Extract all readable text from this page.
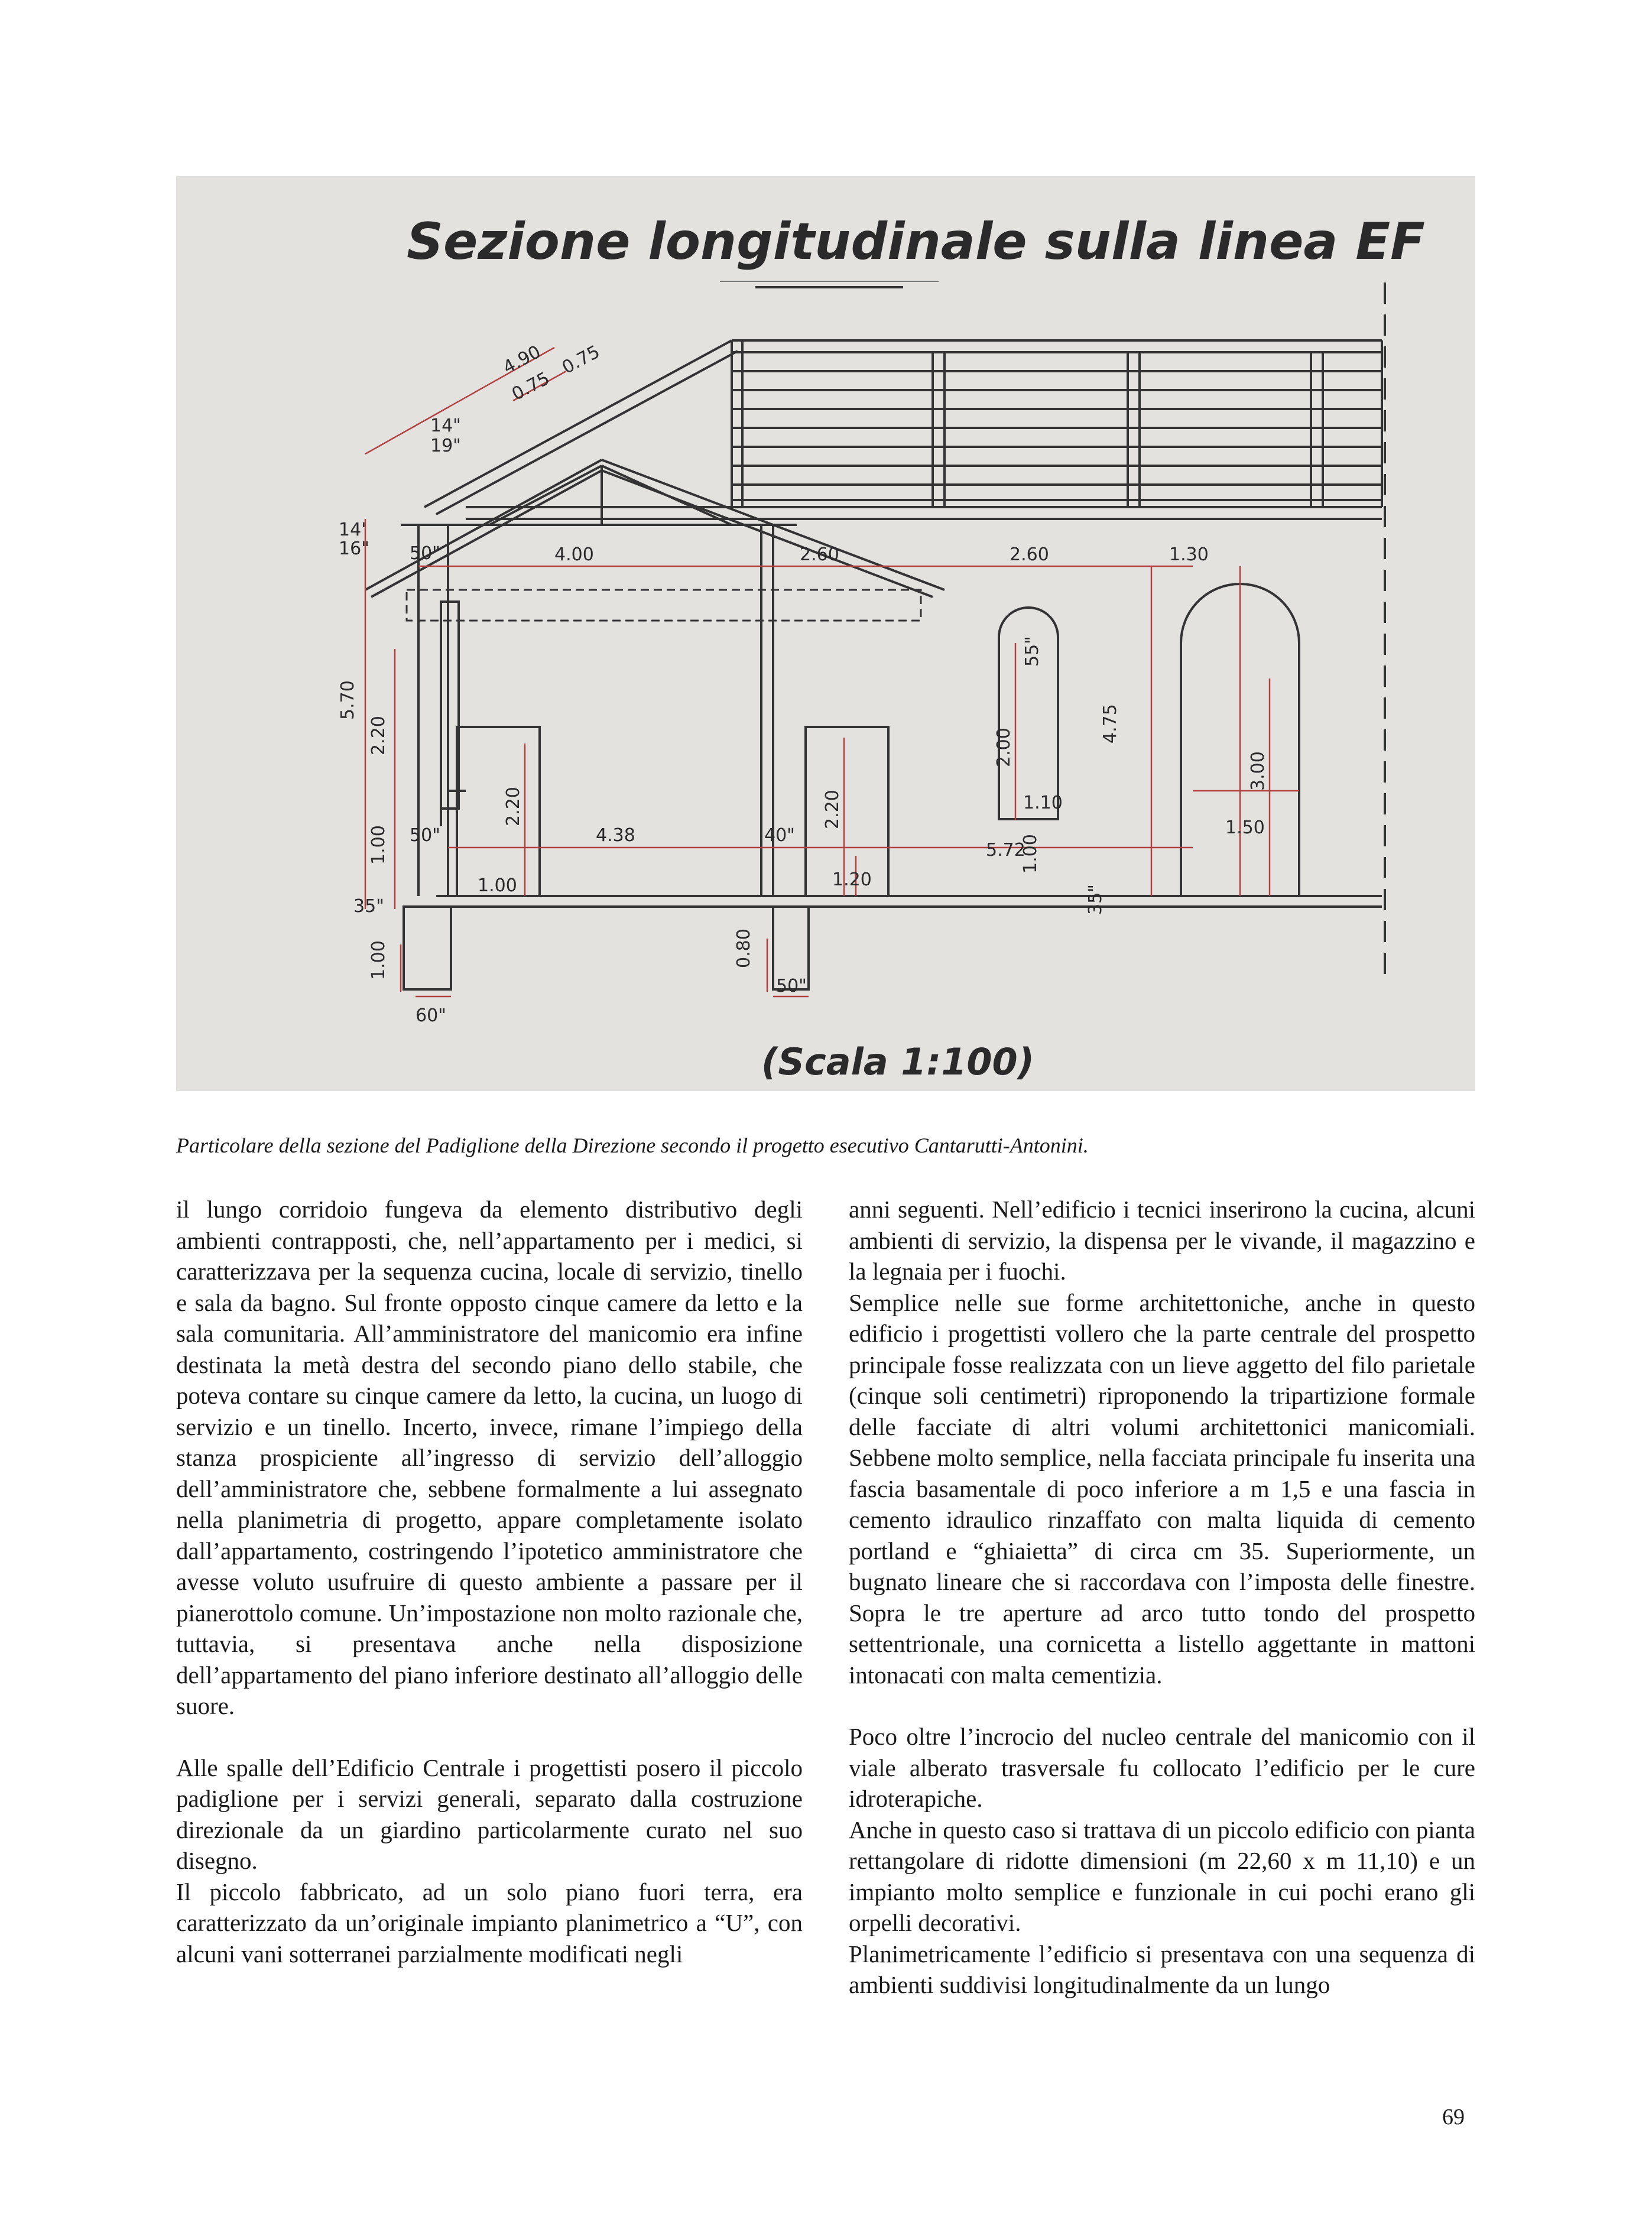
Sezione longitudinale sulla linea EF
4.90
0.75
0.75
14"
19"
14'
16" 50"	4.00	2.60	2.60	1.30
5.70
2.20
1.00
35"
1.00
60"
2.20
1.00
50"	4.38	40"
2.20
1.20
0.80
50"
5.72
1.00
2.00
55"
1.10
4.75
3.00
1.50
35"
(Scala 1:100)
Particolare della sezione del Padiglione della Direzione secondo il progetto esecutivo Cantarutti-Antonini.

il lungo corridoio fungeva da elemento distributivo degli ambienti contrapposti, che, nell’appartamento per i medici, si caratterizzava per la sequenza cucina, locale di servizio, tinello e sala da bagno. Sul fronte opposto cinque camere da letto e la sala comunitaria. All’amministratore del manicomio era infine destinata la metà destra del secondo piano dello stabile, che poteva contare su cinque camere da letto, la cucina, un luogo di servizio e un tinello. Incerto, invece, rimane l’impiego della stanza prospiciente all’ingresso di servizio dell’alloggio dell’amministratore che, sebbene formalmente a lui assegnato nella planimetria di progetto, appare completamente isolato dall’appartamento, costringendo l’ipotetico amministratore che avesse voluto usufruire di questo ambiente a passare per il pianerottolo comune. Un’impostazione non molto razionale che, tuttavia, si presentava anche nella disposizione dell’appartamento del piano inferiore destinato all’alloggio delle suore.

Alle spalle dell’Edificio Centrale i progettisti posero il piccolo padiglione per i servizi generali, separato dalla costruzione direzionale da un giardino particolarmente curato nel suo disegno.

Il piccolo fabbricato, ad un solo piano fuori terra, era caratterizzato da un’originale impianto planimetrico a “U”, con alcuni vani sotterranei parzialmente modificati negli

anni seguenti. Nell’edificio i tecnici inserirono la cucina, alcuni ambienti di servizio, la dispensa per le vivande, il magazzino e la legnaia per i fuochi.

Semplice nelle sue forme architettoniche, anche in questo edificio i progettisti vollero che la parte centrale del prospetto principale fosse realizzata con un lieve aggetto del filo parietale (cinque soli centimetri) riproponendo la tripartizione formale delle facciate di altri volumi architettonici manicomiali. Sebbene molto semplice, nella facciata principale fu inserita una fascia basamentale di poco inferiore a m 1,5 e una fascia in cemento idraulico rinzaffato con malta liquida di cemento portland e “ghiaietta” di circa cm 35. Superiormente, un bugnato lineare che si raccordava con l’imposta delle finestre. Sopra le tre aperture ad arco tutto tondo del prospetto settentrionale, una cornicetta a listello aggettante in mattoni intonacati con malta cementizia.

Poco oltre l’incrocio del nucleo centrale del manicomio con il viale alberato trasversale fu collocato l’edificio per le cure idroterapiche.

Anche in questo caso si trattava di un piccolo edificio con pianta rettangolare di ridotte dimensioni (m 22,60 x m 11,10) e un impianto molto semplice e funzionale in cui pochi erano gli orpelli decorativi.

Planimetricamente l’edificio si presentava con una sequenza di ambienti suddivisi longitudinalmente da un lungo

69
